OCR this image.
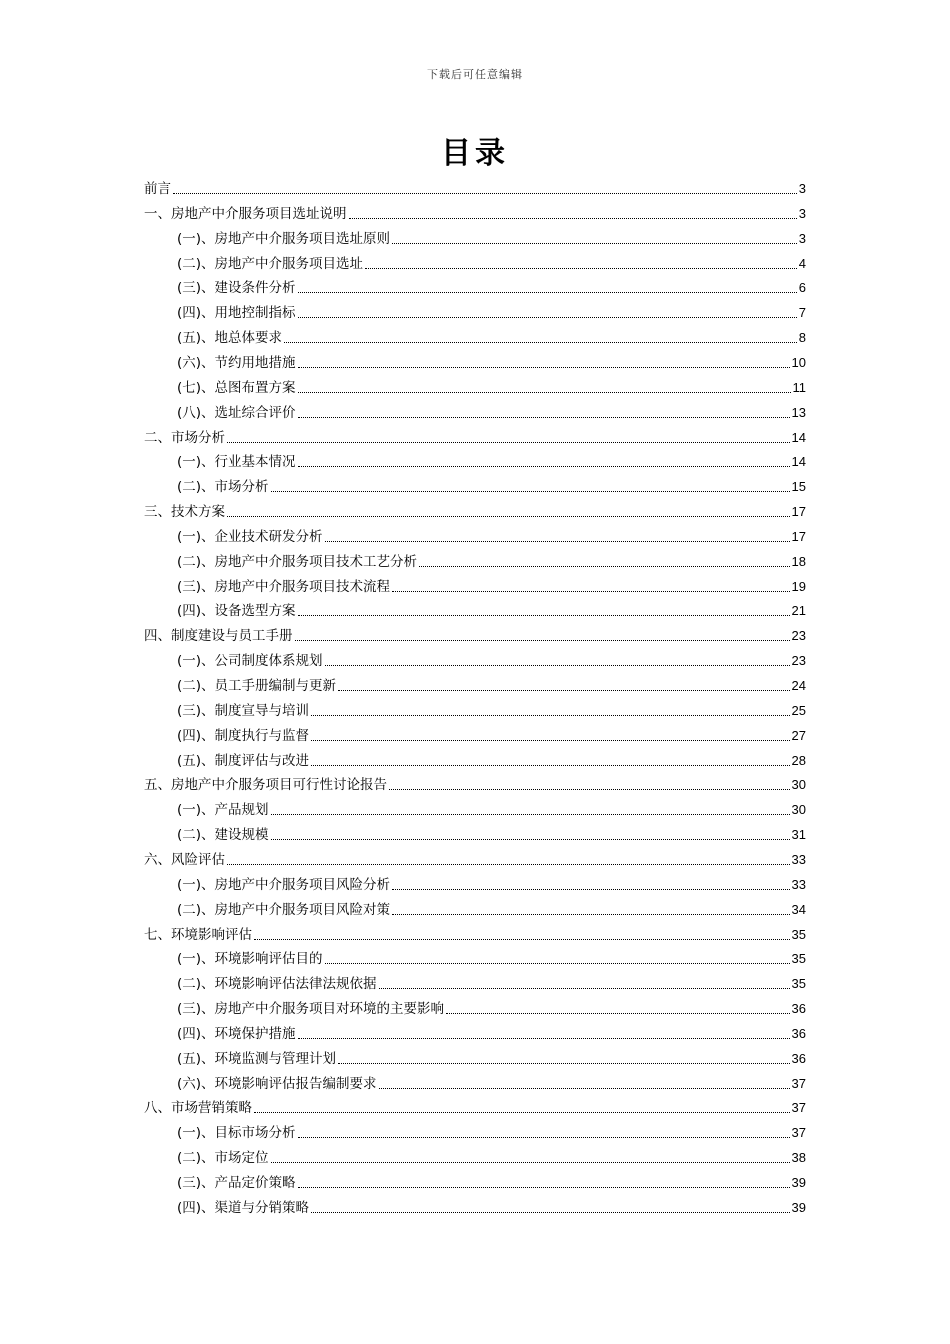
下载后可任意编辑
目录
前言	3
一、房地产中介服务项目选址说明	3
(一)、房地产中介服务项目选址原则	3
(二)、房地产中介服务项目选址	4
(三)、建设条件分析	6
(四)、用地控制指标	7
(五)、地总体要求	8
(六)、节约用地措施	10
(七)、总图布置方案	11
(八)、选址综合评价	13
二、市场分析	14
(一)、行业基本情况	14
(二)、市场分析	15
三、技术方案	17
(一)、企业技术研发分析	17
(二)、房地产中介服务项目技术工艺分析	18
(三)、房地产中介服务项目技术流程	19
(四)、设备选型方案	21
四、制度建设与员工手册	23
(一)、公司制度体系规划	23
(二)、员工手册编制与更新	24
(三)、制度宣导与培训	25
(四)、制度执行与监督	27
(五)、制度评估与改进	28
五、房地产中介服务项目可行性讨论报告	30
(一)、产品规划	30
(二)、建设规模	31
六、风险评估	33
(一)、房地产中介服务项目风险分析	33
(二)、房地产中介服务项目风险对策	34
七、环境影响评估	35
(一)、环境影响评估目的	35
(二)、环境影响评估法律法规依据	35
(三)、房地产中介服务项目对环境的主要影响	36
(四)、环境保护措施	36
(五)、环境监测与管理计划	36
(六)、环境影响评估报告编制要求	37
八、市场营销策略	37
(一)、目标市场分析	37
(二)、市场定位	38
(三)、产品定价策略	39
(四)、渠道与分销策略	39
